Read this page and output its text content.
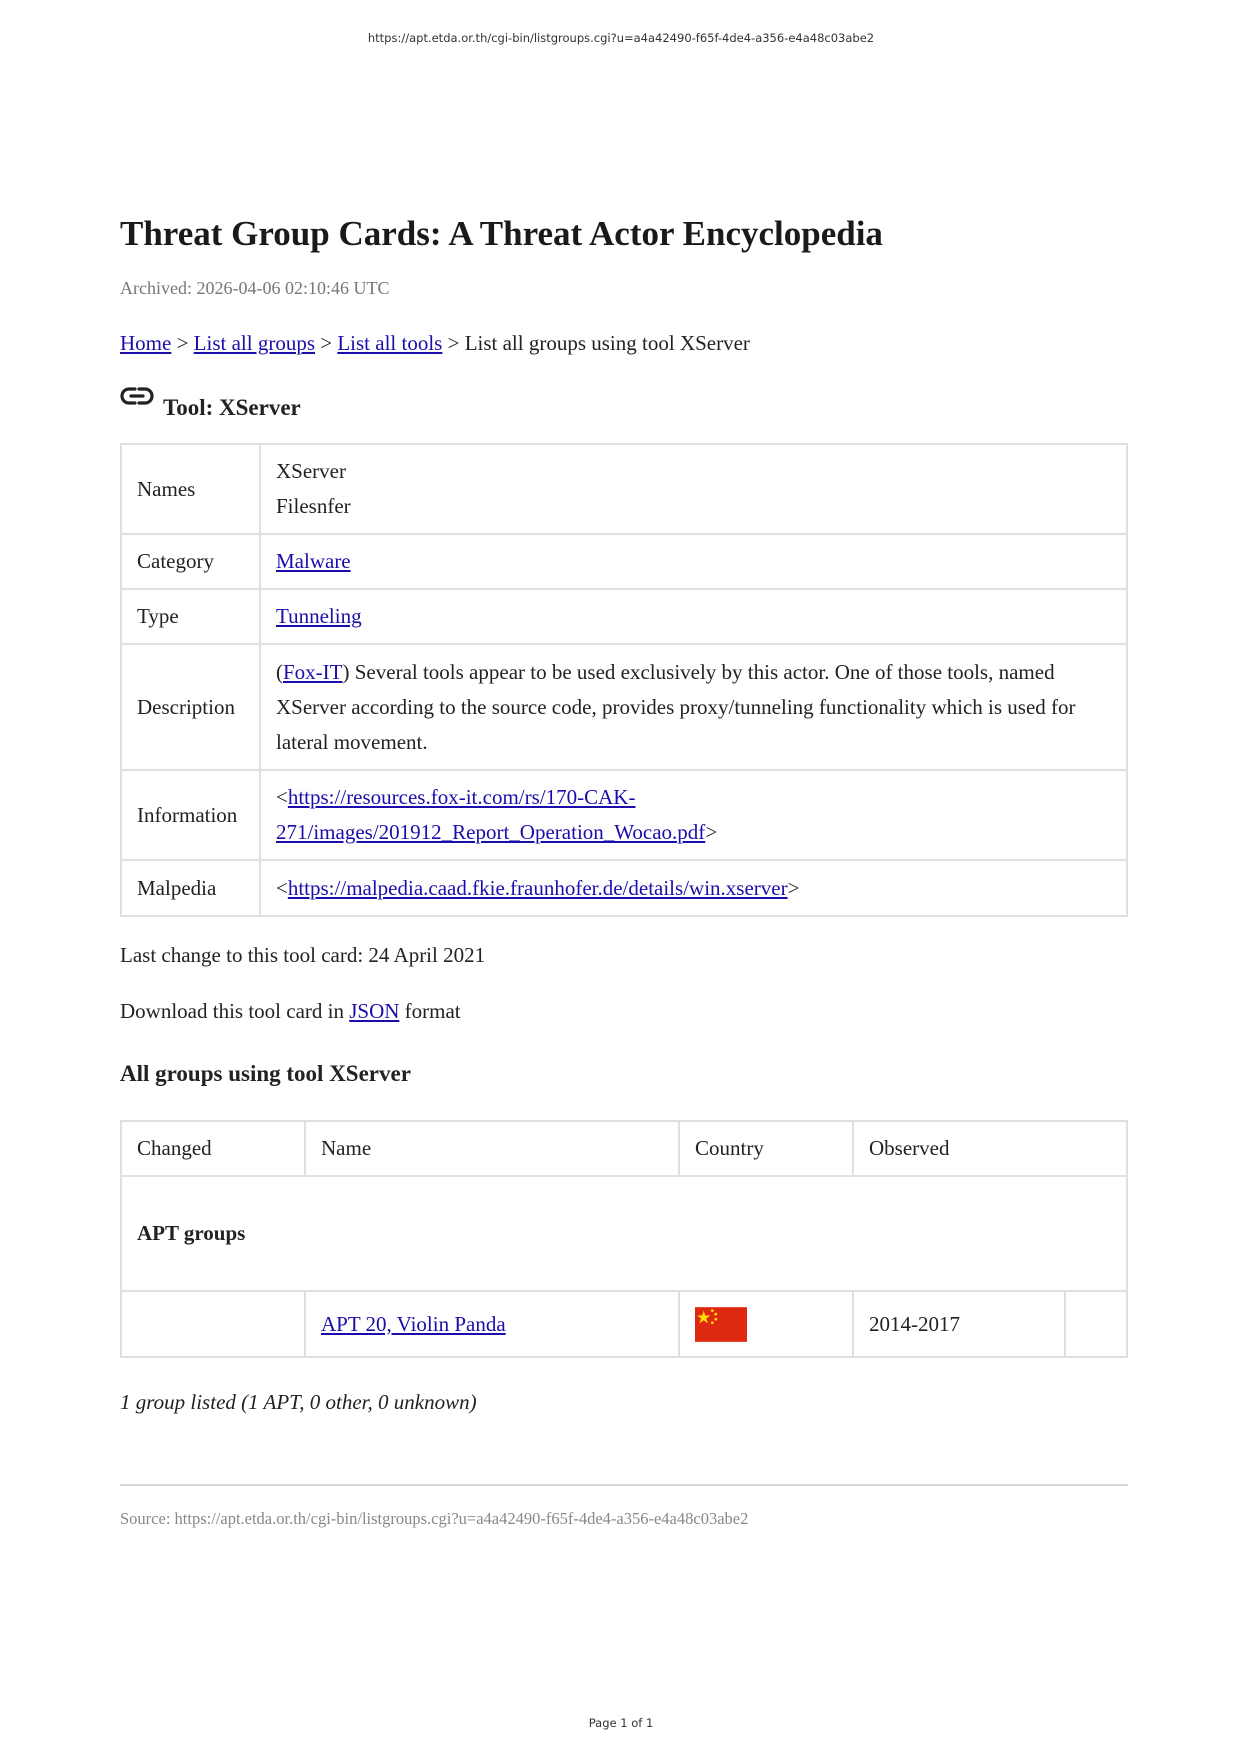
https://apt.etda.or.th/cgi-bin/listgroups.cgi?u=a4a42490-f65f-4de4-a356-e4a48c03abe2
Threat Group Cards: A Threat Actor Encyclopedia
Archived: 2026-04-06 02:10:46 UTC
Home > List all groups > List all tools > List all groups using tool XServer
Tool: XServer
Names	XServer
Filesnfer

Category	Malware
Type	Tunneling
Description	(Fox-IT) Several tools appear to be used exclusively by this actor. One of those tools, named XServer according to the source code, provides proxy/tunneling functionality which is used for lateral movement.
Information	<https://resources.fox-it.com/rs/170-CAK-
271/images/201912_Report_Operation_Wocao.pdf>
Malpedia	<https://malpedia.caad.fkie.fraunhofer.de/details/win.xserver>
Last change to this tool card: 24 April 2021
Download this tool card in JSON format
All groups using tool XServer
Changed	Name	Country	Observed	
APT groups				
	APT 20, Violin Panda		2014-2017	
1 group listed (1 APT, 0 other, 0 unknown)
Source: https://apt.etda.or.th/cgi-bin/listgroups.cgi?u=a4a42490-f65f-4de4-a356-e4a48c03abe2
Page 1 of 1
